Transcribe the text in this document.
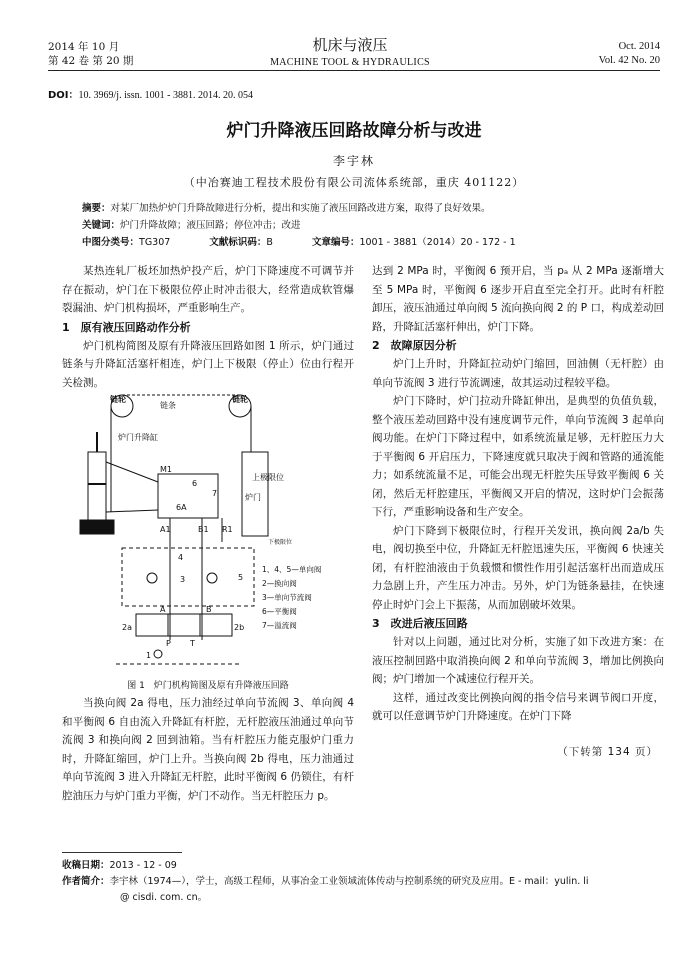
2014 年 10 月
第 42 卷 第 20 期
机床与液压
MACHINE TOOL & HYDRAULICS
Oct. 2014
Vol. 42 No. 20
DOI：10. 3969/j. issn. 1001 - 3881. 2014. 20. 054
炉门升降液压回路故障分析与改进
李宇林
（中冶赛迪工程技术股份有限公司流体系统部，重庆 401122）
摘要：对某厂加热炉炉门升降故障进行分析，提出和实施了液压回路改进方案，取得了良好效果。
关键词：炉门升降故障；液压回路；停位冲击；改进
中图分类号：TG307	文献标识码：B	文章编号：1001 - 3881（2014）20 - 172 - 1

某热连轧厂板坯加热炉投产后，炉门下降速度不可调节并存在振动，炉门在下极限位停止时冲击很大，经常造成软管爆裂漏油、炉门机构损坏，严重影响生产。

1　原有液压回路动作分析

炉门机构简图及原有升降液压回路如图 1 所示，炉门通过链条与升降缸活塞杆相连，炉门上下极限（停止）位由行程开关检测。

链轮
链条
链轮
炉门升降缸
炉门
上极限位
下极限位
M1
6
7
6A
A1	B1 R1
4
3	5
2a	2b
A	B
P T
1
1、4、5—单向阀
2—换向阀
3—单向节流阀
6—平衡阀
7—溢流阀
图 1　炉门机构简图及原有升降液压回路

当换向阀 2a 得电，压力油经过单向节流阀 3、单向阀 4 和平衡阀 6 自由流入升降缸有杆腔，无杆腔液压油通过单向节流阀 3 和换向阀 2 回到油箱。当有杆腔压力能克服炉门重力时，升降缸缩回，炉门上升。当换向阀 2b 得电，压力油通过单向节流阀 3 进入升降缸无杆腔，此时平衡阀 6 仍锁住，有杆腔油压力与炉门重力平衡，炉门不动作。当无杆腔压力 p。

达到 2 MPa 时，平衡阀 6 预开启，当 pₐ 从 2 MPa 逐渐增大至 5 MPa 时，平衡阀 6 逐步开启直至完全打开。此时有杆腔卸压，液压油通过单向阀 5 流向换向阀 2 的 P 口，构成差动回路，升降缸活塞杆伸出，炉门下降。

2　故障原因分析

炉门上升时，升降缸拉动炉门缩回，回油侧（无杆腔）由单向节流阀 3 进行节流调速，故其运动过程较平稳。

炉门下降时，炉门拉动升降缸伸出，是典型的负值负载，整个液压差动回路中没有速度调节元件，单向节流阀 3 起单向阀功能。在炉门下降过程中，如系统流量足够，无杆腔压力大于平衡阀 6 开启压力，下降速度就只取决于阀和管路的通流能力；如系统流量不足，可能会出现无杆腔失压导致平衡阀 6 关闭，然后无杆腔建压，平衡阀又开启的情况，这时炉门会振荡下行，严重影响设备和生产安全。

炉门下降到下极限位时，行程开关发讯，换向阀 2a/b 失电，阀切换至中位，升降缸无杆腔迅速失压，平衡阀 6 快速关闭，有杆腔油液由于负载惯和惯性作用引起活塞杆出而造成压力急剧上升，产生压力冲击。另外，炉门为链条悬挂，在快速停止时炉门会上下振荡，从而加剧破坏效果。

3　改进后液压回路

针对以上问题，通过比对分析，实施了如下改进方案：在液压控制回路中取消换向阀 2 和单向节流阀 3，增加比例换向阀；炉门增加一个减速位行程开关。

这样，通过改变比例换向阀的指令信号来调节阀口开度，就可以任意调节炉门升降速度。在炉门下降

（下转第 134 页）
收稿日期：2013 - 12 - 09
作者简介：李宇林（1974—），学士，高级工程师，从事冶金工业领域流体传动与控制系统的研究及应用。E - mail：yulin. li
@ cisdi. com. cn。
